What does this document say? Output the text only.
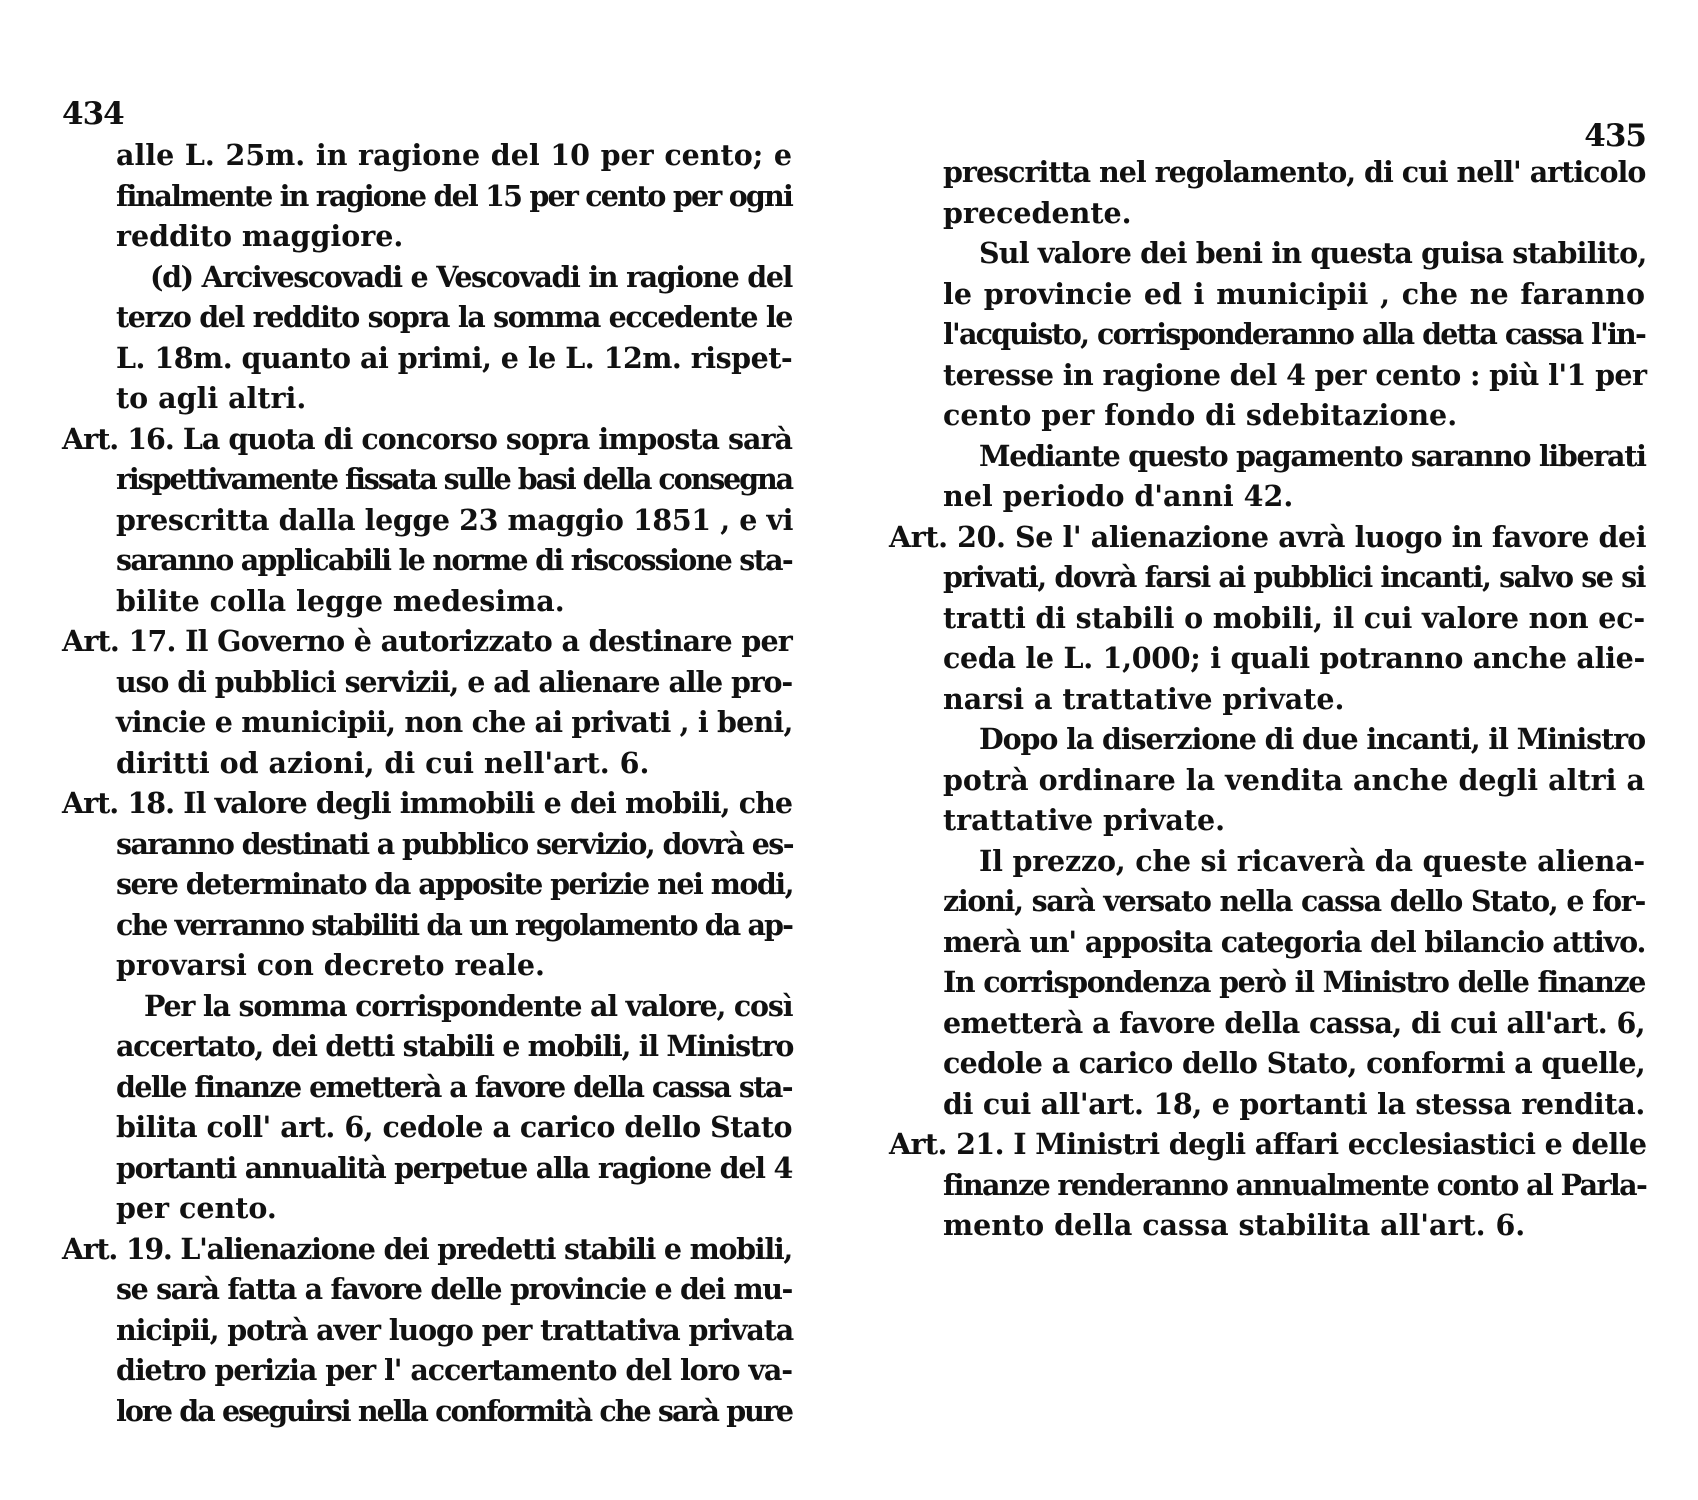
434
alle L. 25m. in ragione del 10 per cento; e
finalmente in ragione del 15 per cento per ogni
reddito maggiore.
(d) Arcivescovadi e Vescovadi in ragione del
terzo del reddito sopra la somma eccedente le
L. 18m. quanto ai primi, e le L. 12m. rispet-
to agli altri.
Art. 16. La quota di concorso sopra imposta sarà
rispettivamente fissata sulle basi della consegna
prescritta dalla legge 23 maggio 1851 , e vi
saranno applicabili le norme di riscossione sta-
bilite colla legge medesima.
Art. 17. Il Governo è autorizzato a destinare per
uso di pubblici servizii, e ad alienare alle pro-
vincie e municipii, non che ai privati , i beni,
diritti od azioni, di cui nell'art. 6.
Art. 18. Il valore degli immobili e dei mobili, che
saranno destinati a pubblico servizio, dovrà es-
sere determinato da apposite perizie nei modi,
che verranno stabiliti da un regolamento da ap-
provarsi con decreto reale.
Per la somma corrispondente al valore, così
accertato, dei detti stabili e mobili, il Ministro
delle finanze emetterà a favore della cassa sta-
bilita coll' art. 6, cedole a carico dello Stato
portanti annualità perpetue alla ragione del 4
per cento.
Art. 19. L'alienazione dei predetti stabili e mobili,
se sarà fatta a favore delle provincie e dei mu-
nicipii, potrà aver luogo per trattativa privata
dietro perizia per l' accertamento del loro va-
lore da eseguirsi nella conformità che sarà pure
435
prescritta nel regolamento, di cui nell' articolo
precedente.
Sul valore dei beni in questa guisa stabilito,
le provincie ed i municipii , che ne faranno
l'acquisto, corrisponderanno alla detta cassa l'in-
teresse in ragione del 4 per cento : più l'1 per
cento per fondo di sdebitazione.
Mediante questo pagamento saranno liberati
nel periodo d'anni 42.
Art. 20. Se l' alienazione avrà luogo in favore dei
privati, dovrà farsi ai pubblici incanti, salvo se si
tratti di stabili o mobili, il cui valore non ec-
ceda le L. 1,000; i quali potranno anche alie-
narsi a trattative private.
Dopo la diserzione di due incanti, il Ministro
potrà ordinare la vendita anche degli altri a
trattative private.
Il prezzo, che si ricaverà da queste aliena-
zioni, sarà versato nella cassa dello Stato, e for-
merà un' apposita categoria del bilancio attivo.
In corrispondenza però il Ministro delle finanze
emetterà a favore della cassa, di cui all'art. 6,
cedole a carico dello Stato, conformi a quelle,
di cui all'art. 18, e portanti la stessa rendita.
Art. 21. I Ministri degli affari ecclesiastici e delle
finanze renderanno annualmente conto al Parla-
mento della cassa stabilita all'art. 6.
